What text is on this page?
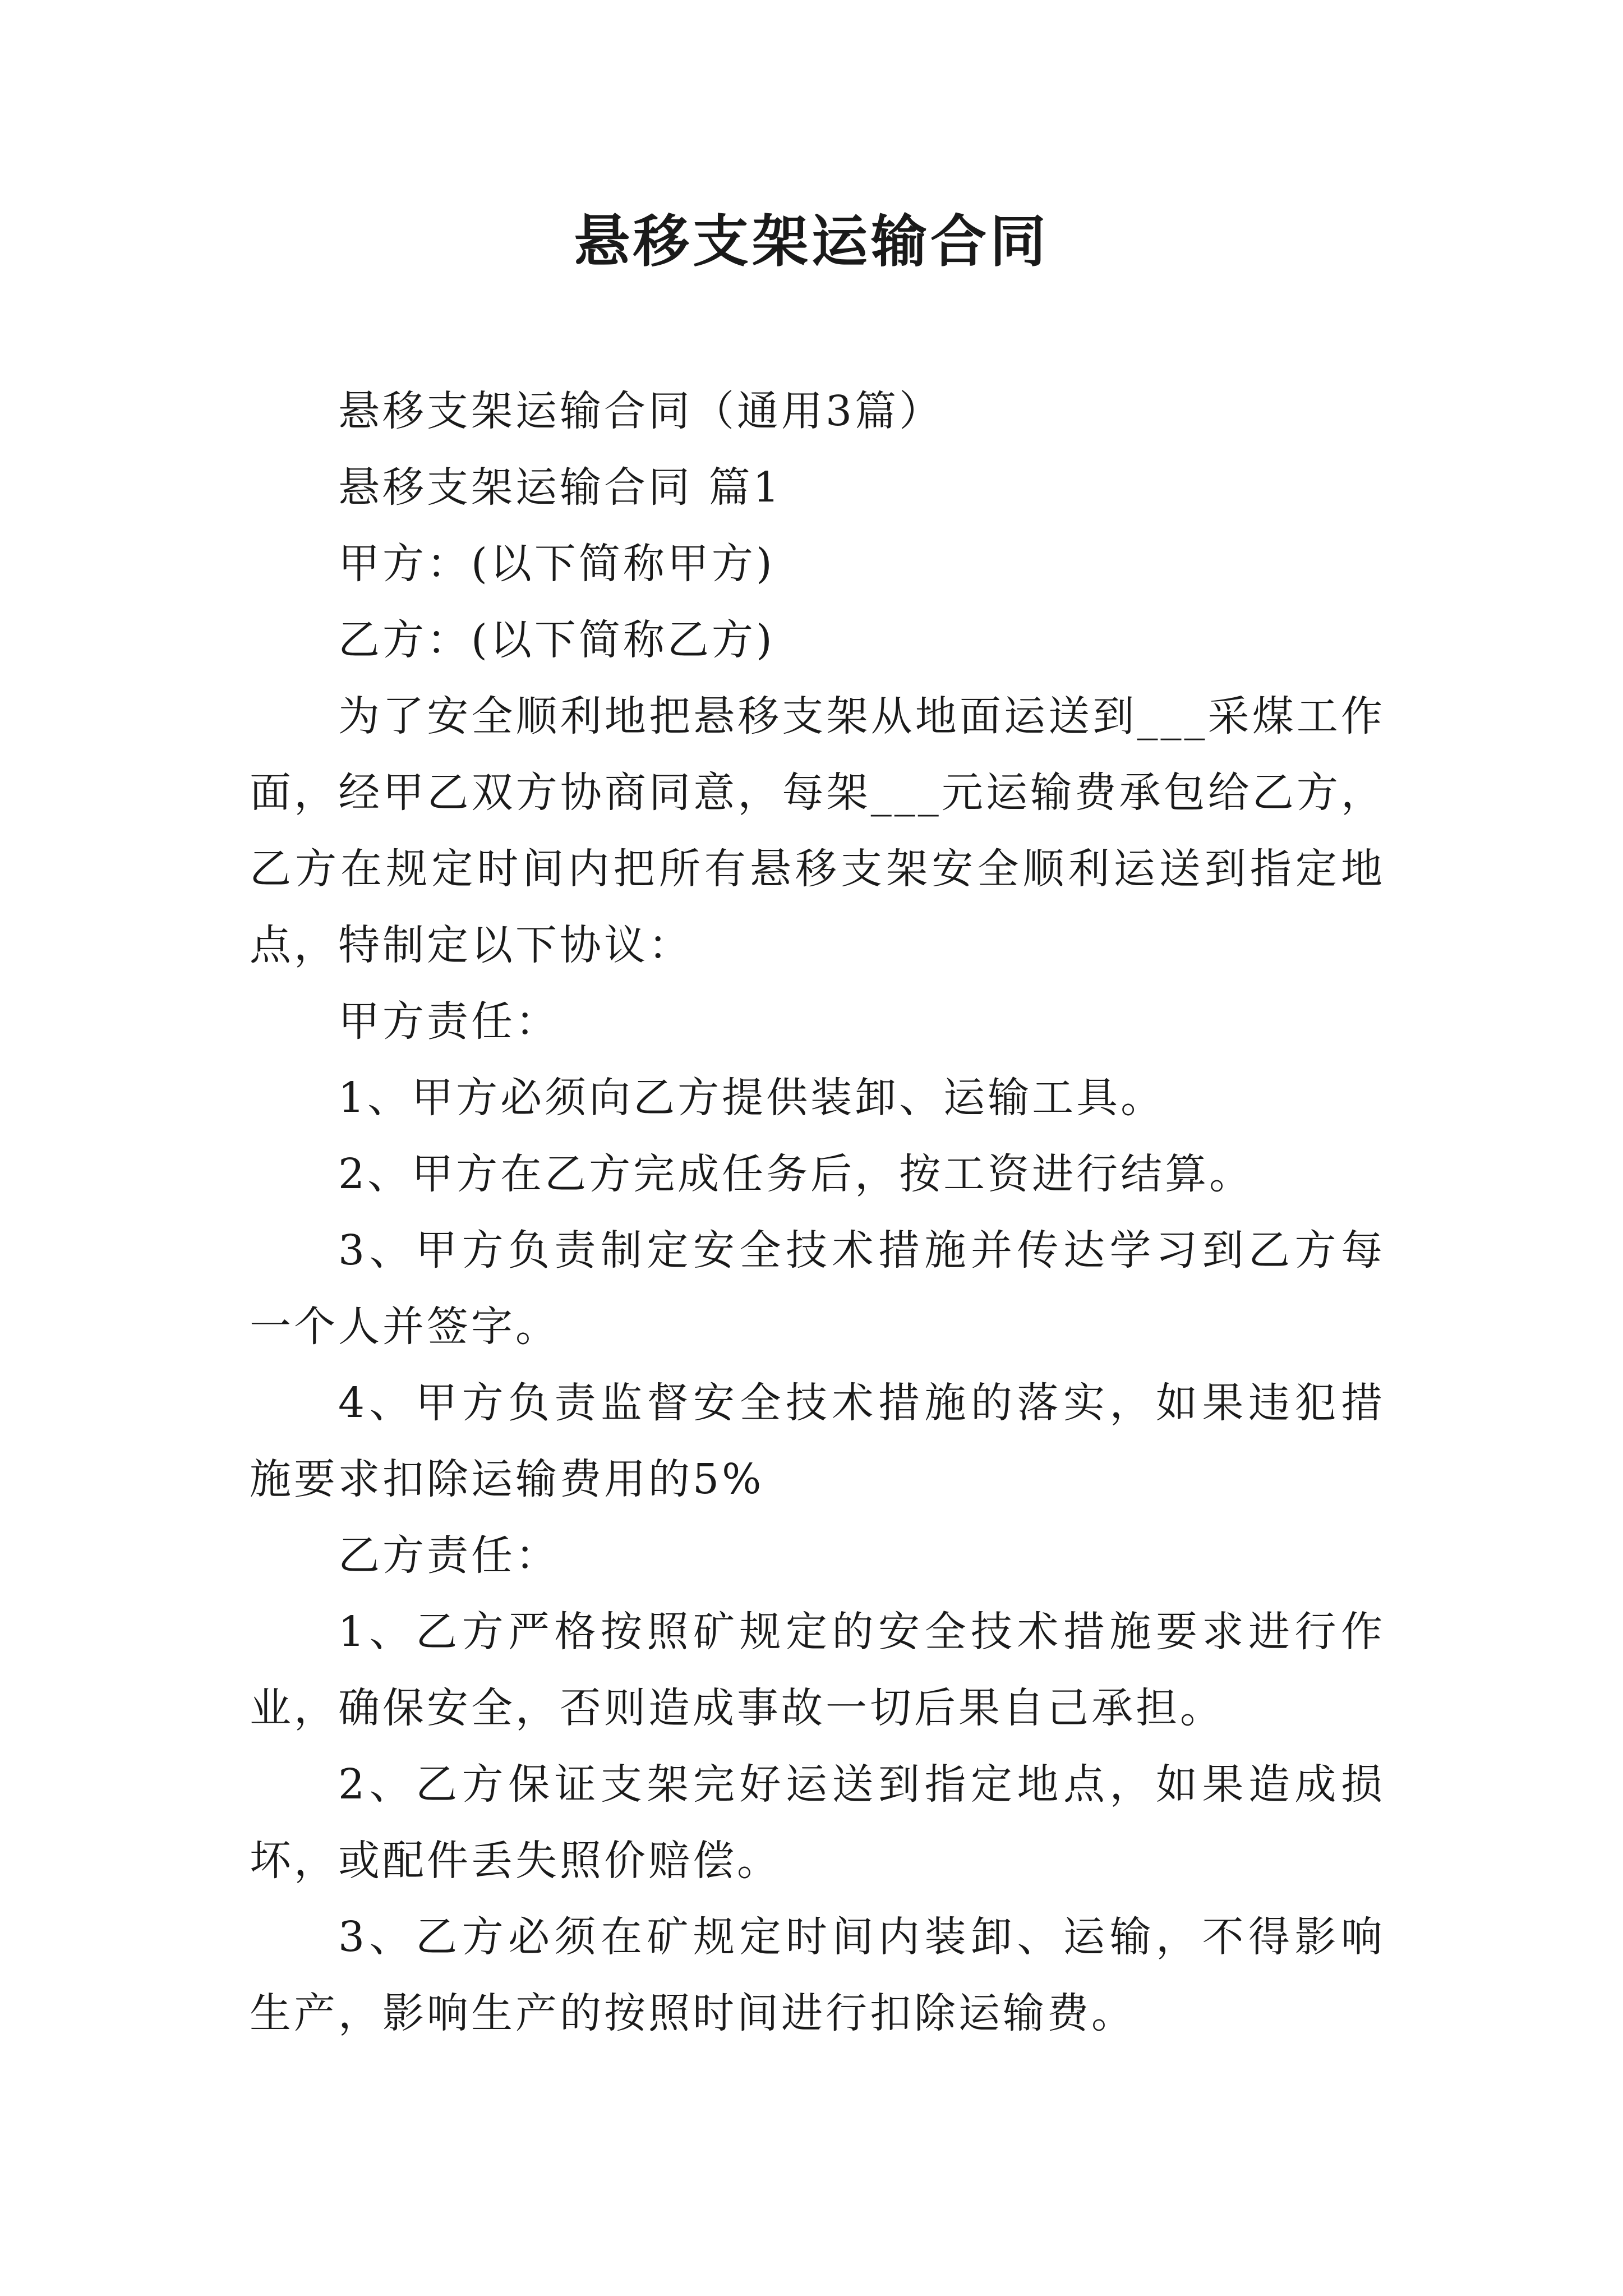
悬移支架运输合同

悬移支架运输合同（通用3篇）

悬移支架运输合同 篇1

甲方：(以下简称甲方)

乙方：(以下简称乙方)

为了安全顺利地把悬移支架从地面运送到___采煤工作面，经甲乙双方协商同意，每架___元运输费承包给乙方，乙方在规定时间内把所有悬移支架安全顺利运送到指定地点，特制定以下协议：

甲方责任：

1、甲方必须向乙方提供装卸、运输工具。

2、甲方在乙方完成任务后，按工资进行结算。

3、甲方负责制定安全技术措施并传达学习到乙方每一个人并签字。

4、甲方负责监督安全技术措施的落实，如果违犯措施要求扣除运输费用的5%

乙方责任：

1、乙方严格按照矿规定的安全技术措施要求进行作业，确保安全，否则造成事故一切后果自己承担。

2、乙方保证支架完好运送到指定地点，如果造成损坏，或配件丢失照价赔偿。

3、乙方必须在矿规定时间内装卸、运输，不得影响生产，影响生产的按照时间进行扣除运输费。
